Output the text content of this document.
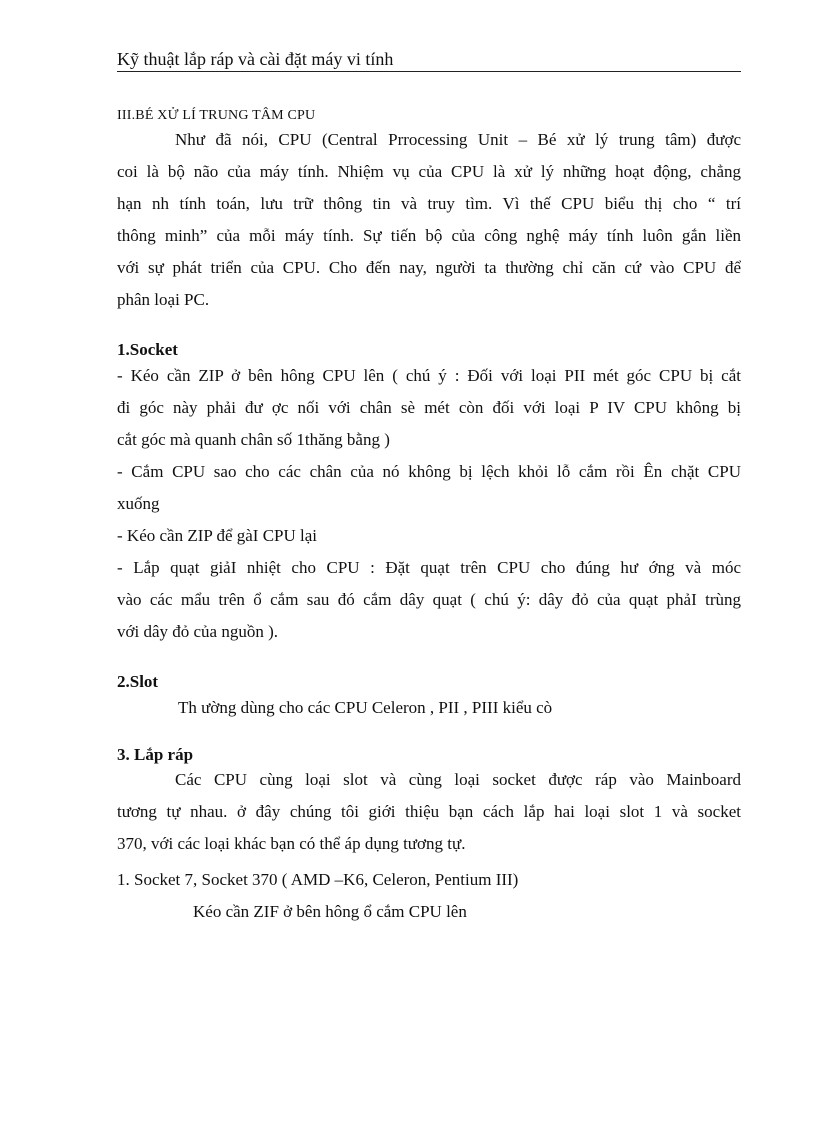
Kỹ thuật lắp ráp và cài đặt máy vi tính
III.BÉ XỬ LÍ TRUNG TÂM CPU
Như đã nói, CPU (Central Prrocessing Unit – Bé xử lý trung tâm) được
coi là bộ não của máy tính. Nhiệm vụ của CPU là xử lý những hoạt động, chẳng
hạn nh tính toán, lưu trữ thông tin và truy tìm. Vì thế CPU biểu thị cho “ trí
thông minh” của mỗi máy tính. Sự tiến bộ của công nghệ máy tính luôn gắn liền
với sự phát triển của CPU. Cho đến nay, người ta thường chỉ căn cứ vào CPU để
phân loại PC.
1.Socket
- Kéo cần ZIP ở bên hông CPU lên ( chú ý : Đối với loại PII mét góc CPU bị cắt
đi góc này phải đư ợc nối với chân sè mét còn đối với loại P IV CPU không bị
cắt góc mà quanh chân số 1thăng bằng )
- Cắm CPU sao cho các chân của nó không bị lệch khỏi lỗ cắm rồi Ên chặt CPU
xuống
- Kéo cần ZIP để gàI CPU lại
- Lắp quạt giảI nhiệt cho CPU : Đặt quạt trên CPU cho đúng hư ớng và móc
vào các mẩu trên ổ cắm sau đó cắm dây quạt ( chú ý: dây đỏ của quạt phảI trùng
với dây đỏ của nguồn ).
2.Slot
Th ường dùng cho các CPU Celeron , PII , PIII kiểu cò
3. Lắp ráp
Các CPU cùng loại slot và cùng loại socket được ráp vào Mainboard
tương tự nhau. ở đây chúng tôi giới thiệu bạn cách lắp hai loại slot 1 và socket
370, với các loại khác bạn có thể áp dụng tương tự.
1. Socket 7, Socket 370 ( AMD –K6, Celeron, Pentium III)
Kéo cần ZIF ở bên hông ổ cắm CPU lên
